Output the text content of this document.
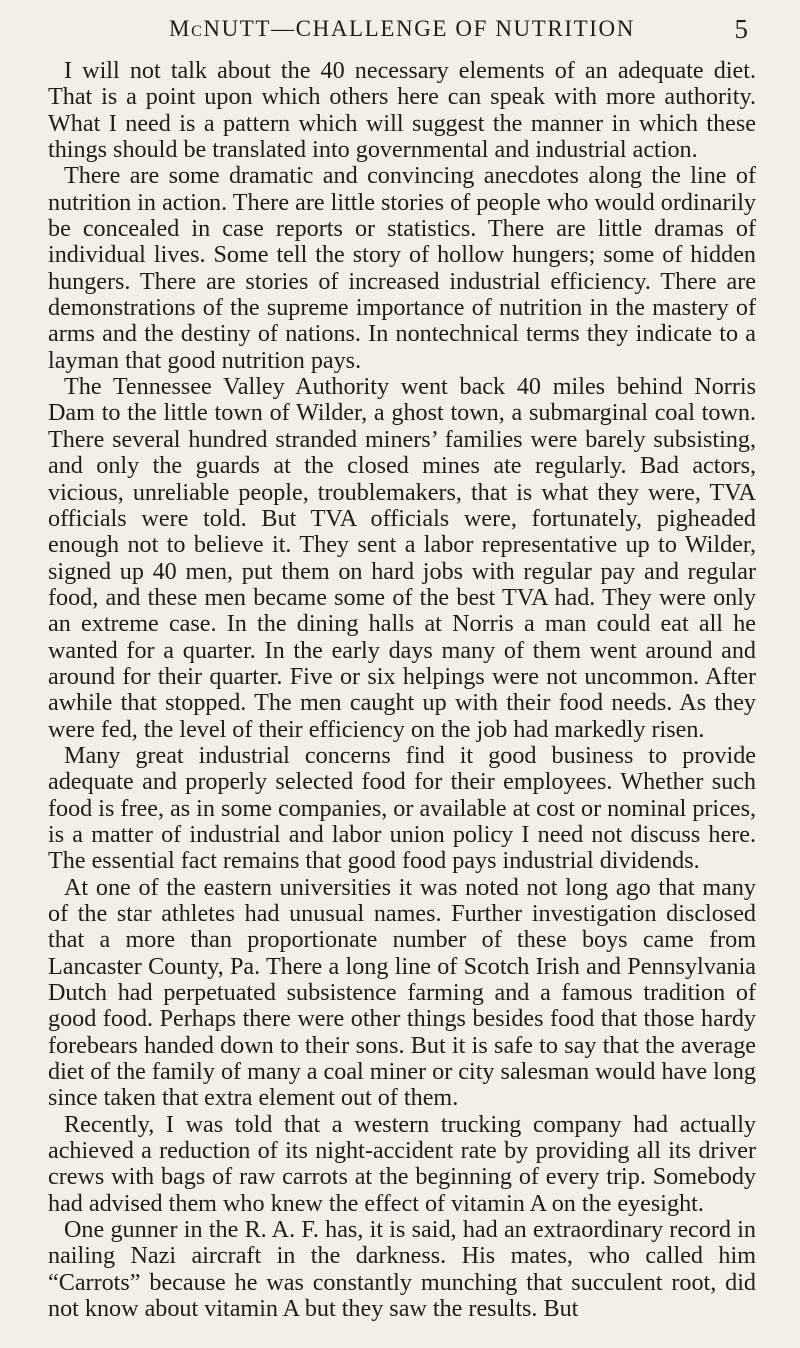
McNUTT—CHALLENGE OF NUTRITION	5

I will not talk about the 40 necessary elements of an adequate diet. That is a point upon which others here can speak with more authority. What I need is a pattern which will suggest the manner in which these things should be translated into governmental and industrial action.

There are some dramatic and convincing anecdotes along the line of nutrition in action. There are little stories of people who would ordinarily be concealed in case reports or statistics. There are little dramas of individual lives. Some tell the story of hollow hungers; some of hidden hungers. There are stories of increased industrial efficiency. There are demonstrations of the supreme importance of nutrition in the mastery of arms and the destiny of nations. In nontechnical terms they indicate to a layman that good nutrition pays.

The Tennessee Valley Authority went back 40 miles behind Norris Dam to the little town of Wilder, a ghost town, a submarginal coal town. There several hundred stranded miners’ families were barely subsisting, and only the guards at the closed mines ate regularly. Bad actors, vicious, unreliable people, troublemakers, that is what they were, TVA officials were told. But TVA officials were, fortunately, pigheaded enough not to believe it. They sent a labor representative up to Wilder, signed up 40 men, put them on hard jobs with regular pay and regular food, and these men became some of the best TVA had. They were only an extreme case. In the dining halls at Norris a man could eat all he wanted for a quarter. In the early days many of them went around and around for their quarter. Five or six helpings were not uncommon. After awhile that stopped. The men caught up with their food needs. As they were fed, the level of their efficiency on the job had markedly risen.

Many great industrial concerns find it good business to provide adequate and properly selected food for their employees. Whether such food is free, as in some companies, or available at cost or nominal prices, is a matter of industrial and labor union policy I need not discuss here. The essential fact remains that good food pays industrial dividends.

At one of the eastern universities it was noted not long ago that many of the star athletes had unusual names. Further investigation disclosed that a more than proportionate number of these boys came from Lancaster County, Pa. There a long line of Scotch Irish and Pennsylvania Dutch had perpetuated subsistence farming and a famous tradition of good food. Perhaps there were other things besides food that those hardy forebears handed down to their sons. But it is safe to say that the average diet of the family of many a coal miner or city salesman would have long since taken that extra element out of them.

Recently, I was told that a western trucking company had actually achieved a reduction of its night-accident rate by providing all its driver crews with bags of raw carrots at the beginning of every trip. Somebody had advised them who knew the effect of vitamin A on the eyesight.

One gunner in the R. A. F. has, it is said, had an extraordinary record in nailing Nazi aircraft in the darkness. His mates, who called him “Carrots” because he was constantly munching that succulent root, did not know about vitamin A but they saw the results. But
